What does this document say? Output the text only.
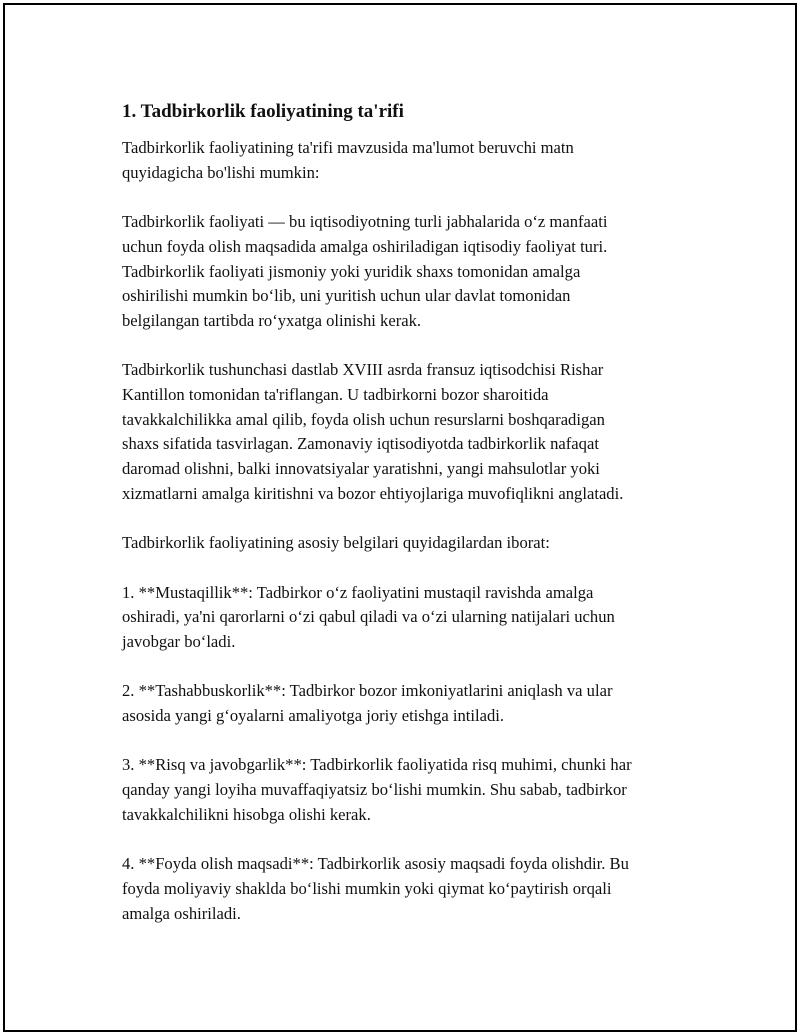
1. Tadbirkorlik faoliyatining ta'rifi

Tadbirkorlik faoliyatining ta'rifi mavzusida ma'lumot beruvchi matn
quyidagicha bo'lishi mumkin:

Tadbirkorlik faoliyati — bu iqtisodiyotning turli jabhalarida o‘z manfaati
uchun foyda olish maqsadida amalga oshiriladigan iqtisodiy faoliyat turi.
Tadbirkorlik faoliyati jismoniy yoki yuridik shaxs tomonidan amalga
oshirilishi mumkin bo‘lib, uni yuritish uchun ular davlat tomonidan
belgilangan tartibda ro‘yxatga olinishi kerak.

Tadbirkorlik tushunchasi dastlab XVIII asrda fransuz iqtisodchisi Rishar
Kantillon tomonidan ta'riflangan. U tadbirkorni bozor sharoitida
tavakkalchilikka amal qilib, foyda olish uchun resurslarni boshqaradigan
shaxs sifatida tasvirlagan. Zamonaviy iqtisodiyotda tadbirkorlik nafaqat
daromad olishni, balki innovatsiyalar yaratishni, yangi mahsulotlar yoki
xizmatlarni amalga kiritishni va bozor ehtiyojlariga muvofiqlikni anglatadi.

Tadbirkorlik faoliyatining asosiy belgilari quyidagilardan iborat:

1. **Mustaqillik**: Tadbirkor o‘z faoliyatini mustaqil ravishda amalga
oshiradi, ya'ni qarorlarni o‘zi qabul qiladi va o‘zi ularning natijalari uchun
javobgar bo‘ladi.

2. **Tashabbuskorlik**: Tadbirkor bozor imkoniyatlarini aniqlash va ular
asosida yangi g‘oyalarni amaliyotga joriy etishga intiladi.

3. **Risq va javobgarlik**: Tadbirkorlik faoliyatida risq muhimi, chunki har
qanday yangi loyiha muvaffaqiyatsiz bo‘lishi mumkin. Shu sabab, tadbirkor
tavakkalchilikni hisobga olishi kerak.

4. **Foyda olish maqsadi**: Tadbirkorlik asosiy maqsadi foyda olishdir. Bu
foyda moliyaviy shaklda bo‘lishi mumkin yoki qiymat ko‘paytirish orqali
amalga oshiriladi.
